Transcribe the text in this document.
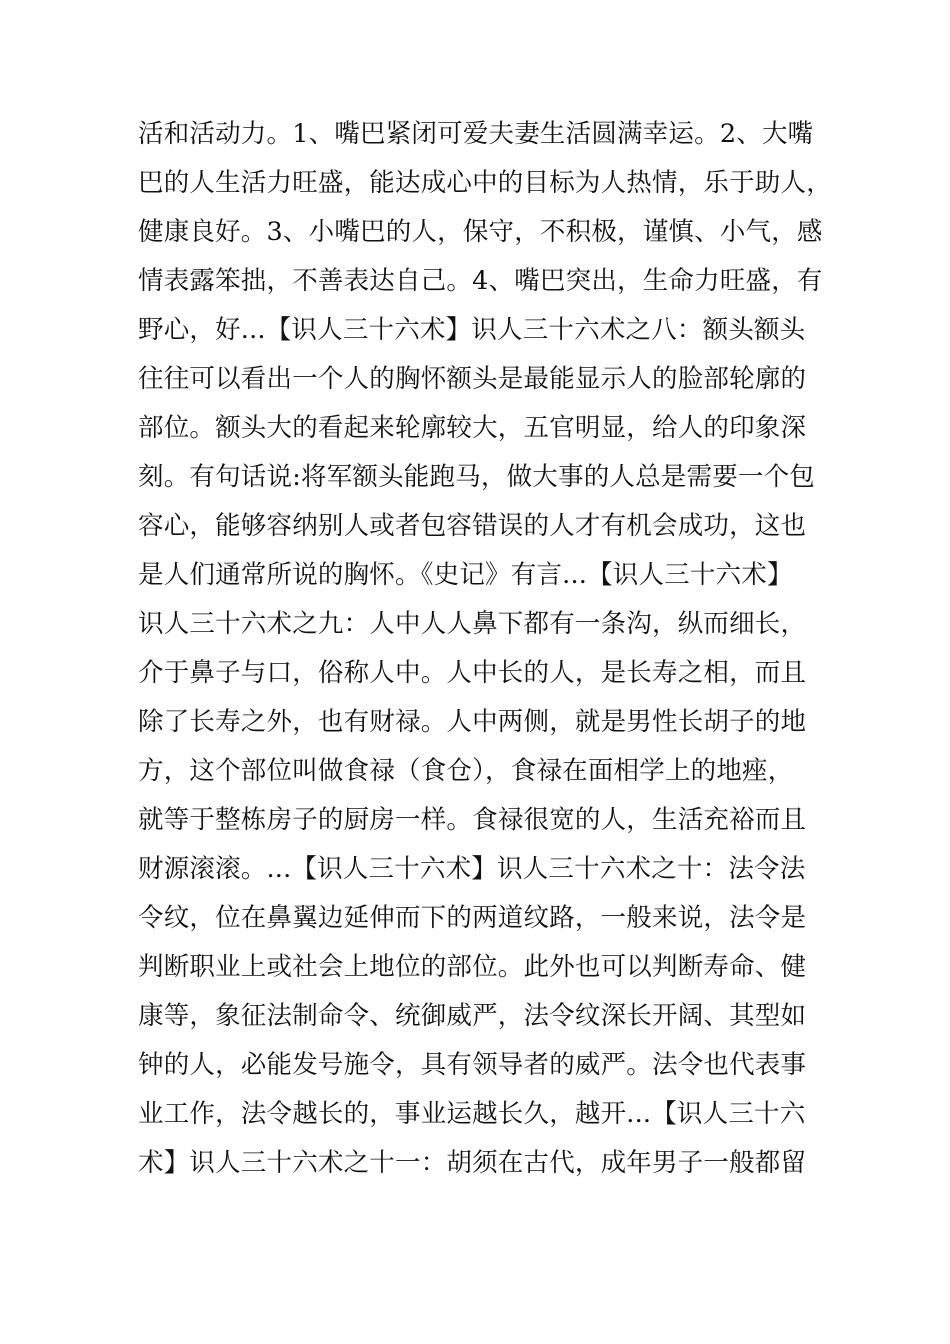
活和活动力。1、嘴巴紧闭可爱夫妻生活圆满幸运。2、大嘴
巴的人生活力旺盛，能达成心中的目标为人热情，乐于助人，
健康良好。3、小嘴巴的人，保守，不积极，谨慎、小气，感
情表露笨拙，不善表达自己。4、嘴巴突出，生命力旺盛，有
野心，好...【识人三十六术】识人三十六术之八：额头额头
往往可以看出一个人的胸怀额头是最能显示人的脸部轮廓的
部位。额头大的看起来轮廓较大，五官明显，给人的印象深
刻。有句话说:将军额头能跑马，做大事的人总是需要一个包
容心，能够容纳别人或者包容错误的人才有机会成功，这也
是人们通常所说的胸怀。《史记》有言...【识人三十六术】
识人三十六术之九：人中人人鼻下都有一条沟，纵而细长，
介于鼻子与口，俗称人中。人中长的人，是长寿之相，而且
除了长寿之外，也有财禄。人中两侧，就是男性长胡子的地
方，这个部位叫做食禄（食仓），食禄在面相学上的地痤，
就等于整栋房子的厨房一样。食禄很宽的人，生活充裕而且
财源滚滚。...【识人三十六术】识人三十六术之十：法令法
令纹，位在鼻翼边延伸而下的两道纹路，一般来说，法令是
判断职业上或社会上地位的部位。此外也可以判断寿命、健
康等，象征法制命令、统御威严，法令纹深长开阔、其型如
钟的人，必能发号施令，具有领导者的威严。法令也代表事
业工作，法令越长的，事业运越长久，越开...【识人三十六
术】识人三十六术之十一：胡须在古代，成年男子一般都留
